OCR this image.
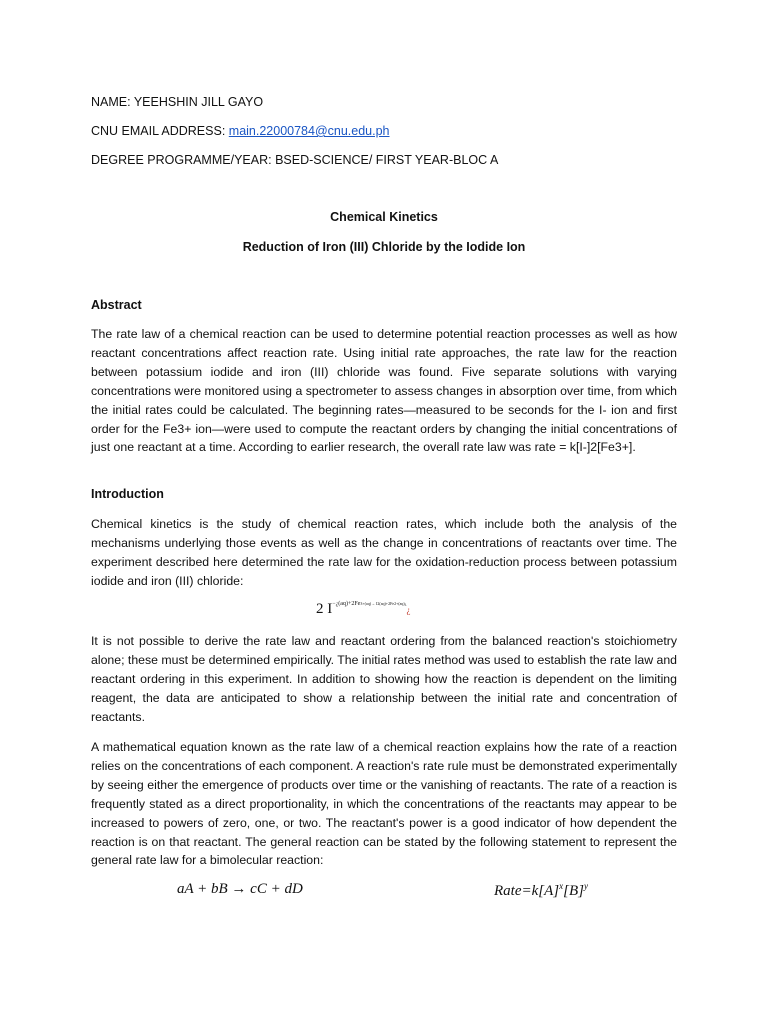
NAME: YEEHSHIN JILL GAYO
CNU EMAIL ADDRESS: main.22000784@cnu.edu.ph
DEGREE PROGRAMME/YEAR: BSED-SCIENCE/ FIRST YEAR-BLOC A
Chemical Kinetics
Reduction of Iron (III) Chloride by the Iodide Ion
Abstract

The rate law of a chemical reaction can be used to determine potential reaction processes as well as how reactant concentrations affect reaction rate. Using initial rate approaches, the rate law for the reaction between potassium iodide and iron (III) chloride was found. Five separate solutions with varying concentrations were monitored using a spectrometer to assess changes in absorption over time, from which the initial rates could be calculated. The beginning rates—measured to be seconds for the I- ion and first order for the Fe3+ ion—were used to compute the reactant orders by changing the initial concentrations of just one reactant at a time. According to earlier research, the overall rate law was rate = k[I-]2[Fe3+].

Introduction

Chemical kinetics is the study of chemical reaction rates, which include both the analysis of the mechanisms underlying those events as well as the change in concentrations of reactants over time. The experiment described here determined the rate law for the oxidation-reduction process between potassium iodide and iron (III) chloride:

2 $I^{-¿(aq)+2Fe3+(aq)\to I2(aq)+2Fe2+(aq)¿}¿$

It is not possible to derive the rate law and reactant ordering from the balanced reaction's stoichiometry alone; these must be determined empirically. The initial rates method was used to establish the rate law and reactant ordering in this experiment. In addition to showing how the reaction is dependent on the limiting reagent, the data are anticipated to show a relationship between the initial rate and concentration of reactants.

A mathematical equation known as the rate law of a chemical reaction explains how the rate of a reaction relies on the concentrations of each component. A reaction's rate rule must be demonstrated experimentally by seeing either the emergence of products over time or the vanishing of reactants. The rate of a reaction is frequently stated as a direct proportionality, in which the concentrations of the reactants may appear to be increased to powers of zero, one, or two. The reactant's power is a good indicator of how dependent the reaction is on that reactant. The general reaction can be stated by the following statement to represent the general rate law for a bimolecular reaction:

aA + bB → cC + dD	$Rate=k[A]^x[B]^y$
